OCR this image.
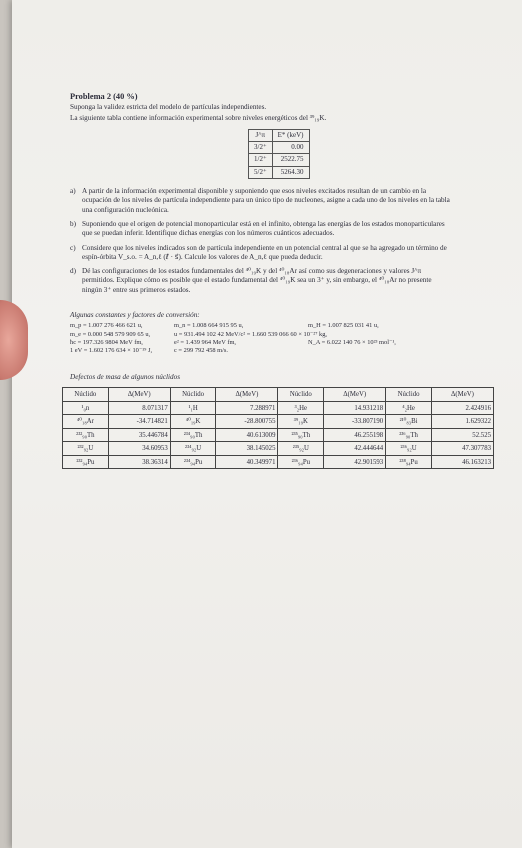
Problema 2 (40 %)
Suponga la validez estricta del modelo de partículas independientes.
La siguiente tabla contiene información experimental sobre niveles energéticos del ³⁹₁₉K.
J^π	E* (keV)
3/2⁺	0.00
1/2⁺	2522.75
5/2⁺	5264.30
a) A partir de la información experimental disponible y suponiendo que esos niveles excitados resultan de un cambio en la ocupación de los niveles de partícula independiente para un único tipo de nucleones, asigne a cada uno de los niveles en la tabla una configuración nucleónica.
b) Suponiendo que el origen de potencial monoparticular está en el infinito, obtenga las energías de los estados monoparticulares que se puedan inferir. Identifique dichas energías con los números cuánticos adecuados.
c) Considere que los niveles indicados son de partícula independiente en un potencial central al que se ha agregado un término de espín-órbita V_s.o. = A_n,ℓ (ℓ⃗ · s⃗). Calcule los valores de A_n,ℓ que pueda deducir.
d) Dé las configuraciones de los estados fundamentales del ⁴⁰₁₉K y del ⁴⁰₁₈Ar así como sus degeneraciones y valores J^π permitidos. Explique cómo es posible que el estado fundamental del ⁴⁰₁₉K sea un 3⁺ y, sin embargo, el ⁴⁰₁₈Ar no presente ningún 3⁺ entre sus primeros estados.
Algunas constantes y factores de conversión:
m_p = 1.007 276 466 621 u,	m_n = 1.008 664 915 95 u,	m_H = 1.007 825 031 41 u,
m_e = 0.000 548 579 909 65 u,	u = 931.494 102 42 MeV/c² = 1.660 539 066 60 × 10⁻²⁷ kg,
ħc = 197.326 9804 MeV fm,	e² = 1.439 964 MeV fm,	N_A = 6.022 140 76 × 10²³ mol⁻¹,
1 eV = 1.602 176 634 × 10⁻¹⁹ J,	c = 299 792 458 m/s.
Defectos de masa de algunos núclidos
Núclido	Δ(MeV)	Núclido	Δ(MeV)	Núclido	Δ(MeV)	Núclido	Δ(MeV)
¹₀n	8.071317	¹₁H	7.288971	³₂He	14.931218	⁴₂He	2.424916
⁴⁰₁₈Ar	-34.714821	⁴⁰₁₉K	-28.800755	³⁹₁₉K	-33.807190	²¹⁰₈₃Bi	1.629322
²³²₉₀Th	35.446784	²³⁴₉₀Th	40.613009	²³⁵₉₀Th	46.255198	²³⁶₉₀Th	52.525
²³²₉₂U	34.60953	²³⁴₉₂U	38.145025	²³⁵₉₂U	42.444644	²³⁶₉₂U	47.307783
²³²₉₄Pu	38.36314	²³⁴₉₄Pu	40.349971	²³⁶₉₄Pu	42.901593	²³⁸₉₄Pu	46.163213
